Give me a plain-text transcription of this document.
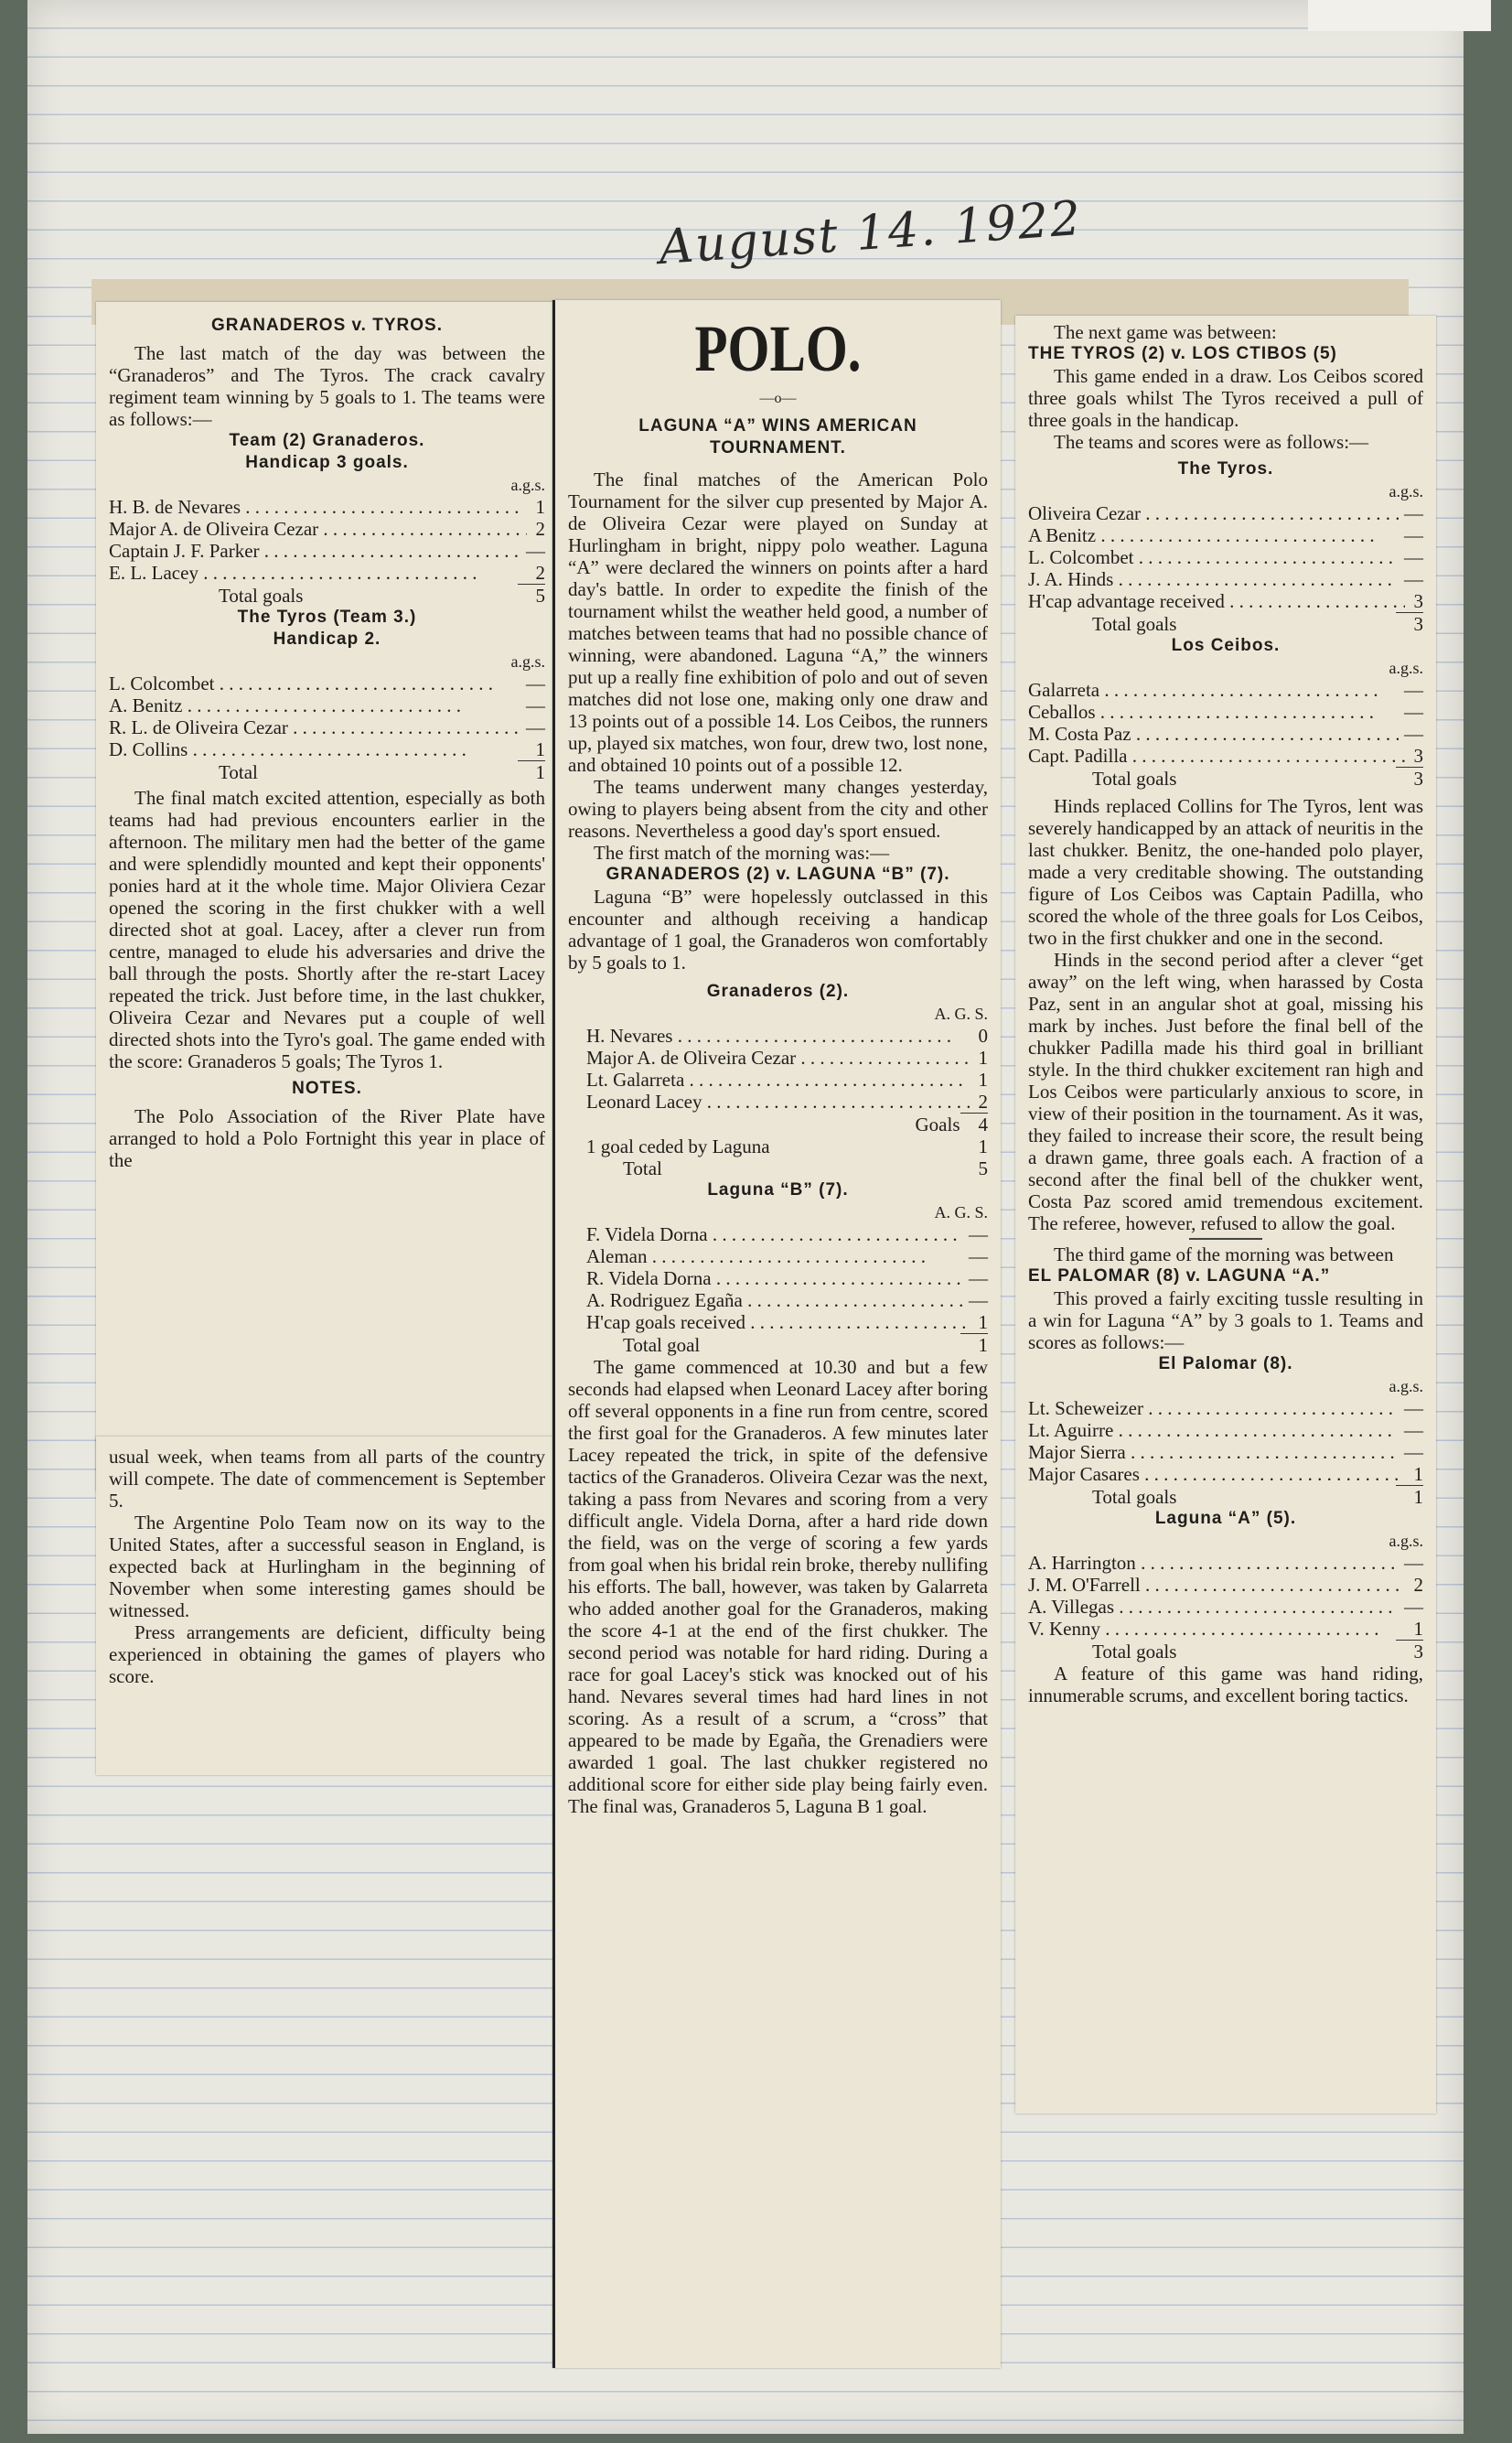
August 14. 1922
GRANADEROS v. TYROS.

The last match of the day was between the “Granaderos” and The Tyros. The crack cavalry regiment team winning by 5 goals to 1. The teams were as follows:—

Team (2) Granaderos.
Handicap 3 goals.
a.g.s.
H. B. de Nevares . . .	1
Major A. de Oliveira Cezar . . .	2
Captain J. F. Parker . . .	—
E. L. Lacey . . .	2
Total goals	5
The Tyros (Team 3.)
Handicap 2.
a.g.s.
L. Colcombet . . .	—
A. Benitz . . .	—
R. L. de Oliveira Cezar . . .	—
D. Collins . . .	1
Total	1

The final match excited attention, especially as both teams had had previous encounters earlier in the afternoon. The military men had the better of the game and were splendidly mounted and kept their opponents' ponies hard at it the whole time. Major Oliviera Cezar opened the scoring in the first chukker with a well directed shot at goal. Lacey, after a clever run from centre, managed to elude his adversaries and drive the ball through the posts. Shortly after the re-start Lacey repeated the trick. Just before time, in the last chukker, Oliveira Cezar and Nevares put a couple of well directed shots into the Tyro's goal. The game ended with the score: Granaderos 5 goals; The Tyros 1.

NOTES.

The Polo Association of the River Plate have arranged to hold a Polo Fortnight this year in place of the

usual week, when teams from all parts of the country will compete. The date of commencement is September 5.

The Argentine Polo Team now on its way to the United States, after a successful season in England, is expected back at Hurlingham in the beginning of November when some interesting games should be witnessed.

Press arrangements are deficient, difficulty being experienced in obtaining the games of players who score.

POLO.
—o—
LAGUNA “A” WINS AMERICAN TOURNAMENT.

The final matches of the American Polo Tournament for the silver cup presented by Major A. de Oliveira Cezar were played on Sunday at Hurlingham in bright, nippy polo weather. Laguna “A” were declared the winners on points after a hard day's battle. In order to expedite the finish of the tournament whilst the weather held good, a number of matches between teams that had no possible chance of winning, were abandoned. Laguna “A,” the winners put up a really fine exhibition of polo and out of seven matches did not lose one, making only one draw and 13 points out of a possible 14. Los Ceibos, the runners up, played six matches, won four, drew two, lost none, and obtained 10 points out of a possible 12.

The teams underwent many changes yesterday, owing to players being absent from the city and other reasons. Nevertheless a good day's sport ensued.

The first match of the morning was:—

GRANADEROS (2) v. LAGUNA “B” (7).

Laguna “B” were hopelessly outclassed in this encounter and although receiving a handicap advantage of 1 goal, the Granaderos won comfortably by 5 goals to 1.

Granaderos (2).
A. G. S.
H. Nevares . . .	0
Major A. de Oliveira Cezar . . .	1
Lt. Galarreta . . .	1
Leonard Lacey . . .	2
Goals 4
1 goal ceded by Laguna	1
Total	5
Laguna “B” (7).
A. G. S.
F. Videla Dorna . . .	—
Aleman . . .	—
R. Videla Dorna . . .	—
A. Rodriguez Egaña . . .	—
H'cap goals received . . .	1
Total goal	1

The game commenced at 10.30 and but a few seconds had elapsed when Leonard Lacey after boring off several opponents in a fine run from centre, scored the first goal for the Granaderos. A few minutes later Lacey repeated the trick, in spite of the defensive tactics of the Granaderos. Oliveira Cezar was the next, taking a pass from Nevares and scoring from a very difficult angle. Videla Dorna, after a hard ride down the field, was on the verge of scoring a few yards from goal when his bridal rein broke, thereby nullifing his efforts. The ball, however, was taken by Galarreta who added another goal for the Granaderos, making the score 4-1 at the end of the first chukker. The second period was notable for hard riding. During a race for goal Lacey's stick was knocked out of his hand. Nevares several times had hard lines in not scoring. As a result of a scrum, a “cross” that appeared to be made by Egaña, the Grenadiers were awarded 1 goal. The last chukker registered no additional score for either side play being fairly even. The final was, Granaderos 5, Laguna B 1 goal.

The next game was between:

THE TYROS (2) v. LOS CTIBOS (5)

This game ended in a draw. Los Ceibos scored three goals whilst The Tyros received a pull of three goals in the handicap.

The teams and scores were as follows:—

The Tyros.
a.g.s.
Oliveira Cezar . . .	—
A Benitz . . .	—
L. Colcombet . . .	—
J. A. Hinds . . .	—
H'cap advantage received . . .	3
Total goals	3
Los Ceibos.
a.g.s.
Galarreta . . .	—
Ceballos . . .	—
M. Costa Paz . . .	—
Capt. Padilla . . .	3
Total goals	3

Hinds replaced Collins for The Tyros, lent was severely handicapped by an attack of neuritis in the last chukker. Benitz, the one-handed polo player, made a very creditable showing. The outstanding figure of Los Ceibos was Captain Padilla, who scored the whole of the three goals for Los Ceibos, two in the first chukker and one in the second.

Hinds in the second period after a clever “get away” on the left wing, when harassed by Costa Paz, sent in an angular shot at goal, missing his mark by inches. Just before the final bell of the chukker Padilla made his third goal in brilliant style. In the third chukker excitement ran high and Los Ceibos were particularly anxious to score, in view of their position in the tournament. As it was, they failed to increase their score, the result being a drawn game, three goals each. A fraction of a second after the final bell of the chukker went, Costa Paz scored amid tremendous excitement. The referee, however, refused to allow the goal.

The third game of the morning was between

EL PALOMAR (8) v. LAGUNA “A.”

This proved a fairly exciting tussle resulting in a win for Laguna “A” by 3 goals to 1. Teams and scores as follows:—

El Palomar (8).
a.g.s.
Lt. Scheweizer . . .	—
Lt. Aguirre . . .	—
Major Sierra . . .	—
Major Casares . . .	1
Total goals	1
Laguna “A” (5).
a.g.s.
A. Harrington . . .	—
J. M. O'Farrell . . .	2
A. Villegas . . .	—
V. Kenny . . .	1
Total goals	3

A feature of this game was hand riding, innumerable scrums, and excellent boring tactics.
